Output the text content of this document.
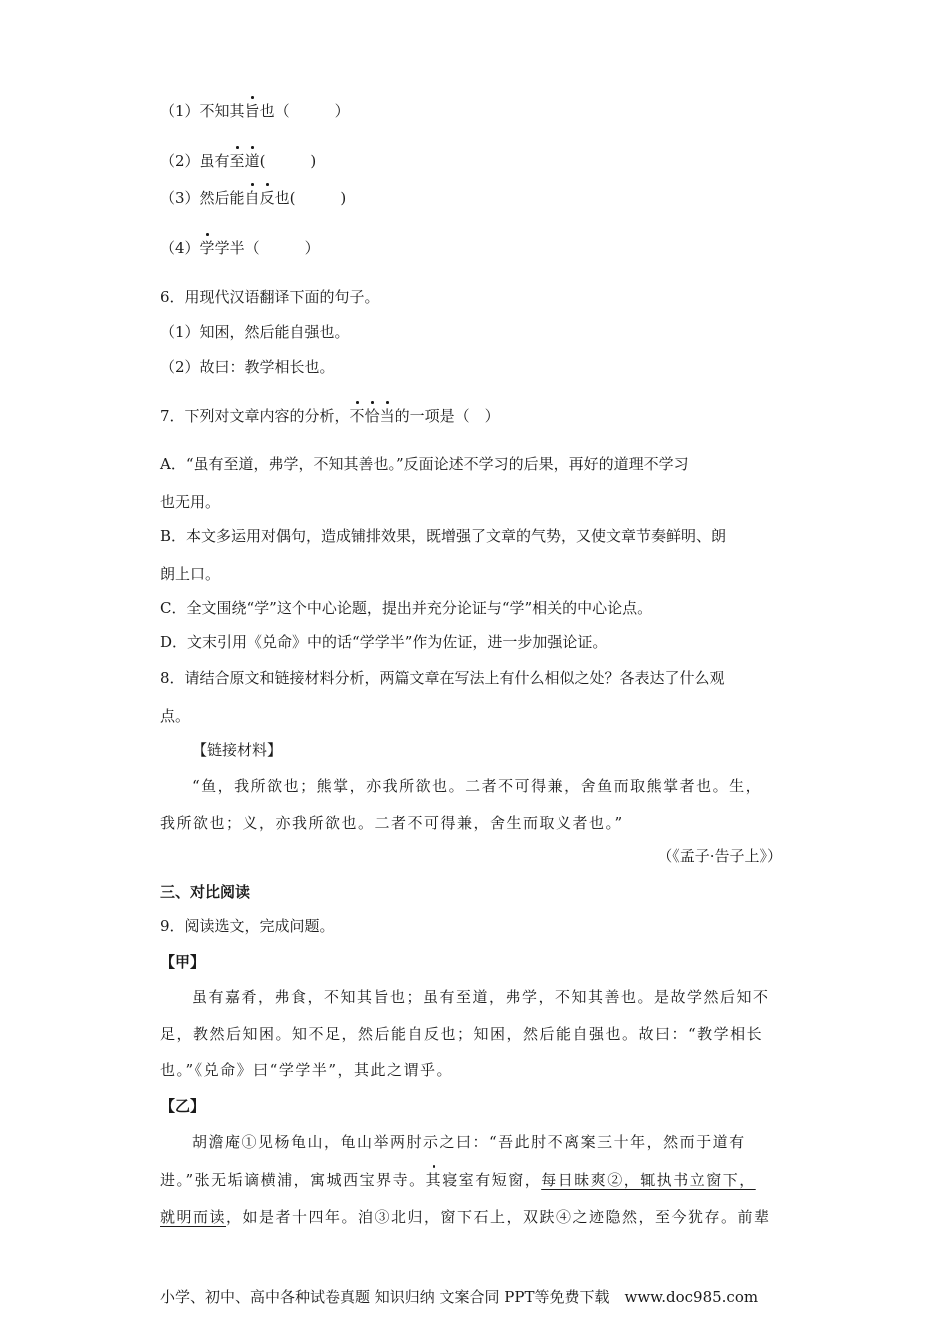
（1）不知其旨也（　　　）
（2）虽有至道(　　　)
（3）然后能自反也(　　　)
（4）学学半（　　　）
6．用现代汉语翻译下面的句子。
（1）知困，然后能自强也。
（2）故曰：教学相长也。
7．下列对文章内容的分析，不恰当的一项是（　）
A．“虽有至道，弗学，不知其善也。”反面论述不学习的后果，再好的道理不学习
也无用。
B．本文多运用对偶句，造成铺排效果，既增强了文章的气势，又使文章节奏鲜明、朗
朗上口。
C．全文围绕“学”这个中心论题，提出并充分论证与“学”相关的中心论点。
D．文末引用《兑命》中的话“学学半”作为佐证，进一步加强论证。
8．请结合原文和链接材料分析，两篇文章在写法上有什么相似之处？各表达了什么观
点。
【链接材料】
“鱼，我所欲也；熊掌，亦我所欲也。二者不可得兼，舍鱼而取熊掌者也。生，
我所欲也；义，亦我所欲也。二者不可得兼，舍生而取义者也。”
（《孟子·告子上》）
三、对比阅读
9．阅读选文，完成问题。
【甲】
虽有嘉肴，弗食，不知其旨也；虽有至道，弗学，不知其善也。是故学然后知不
足，教然后知困。知不足，然后能自反也；知困，然后能自强也。故曰：“教学相长
也。”《兑命》曰“学学半”，其此之谓乎。
【乙】
胡澹庵①见杨龟山，龟山举两肘示之曰：“吾此肘不离案三十年，然而于道有
进。”张无垢谪横浦，寓城西宝界寺。其寝室有短窗，每日昧爽②，辄执书立窗下，
就明而读，如是者十四年。洎③北归，窗下石上，双趺④之迹隐然，至今犹存。前辈
小学、初中、高中各种试卷真题 知识归纳 文案合同 PPT等免费下载　www.doc985.com
